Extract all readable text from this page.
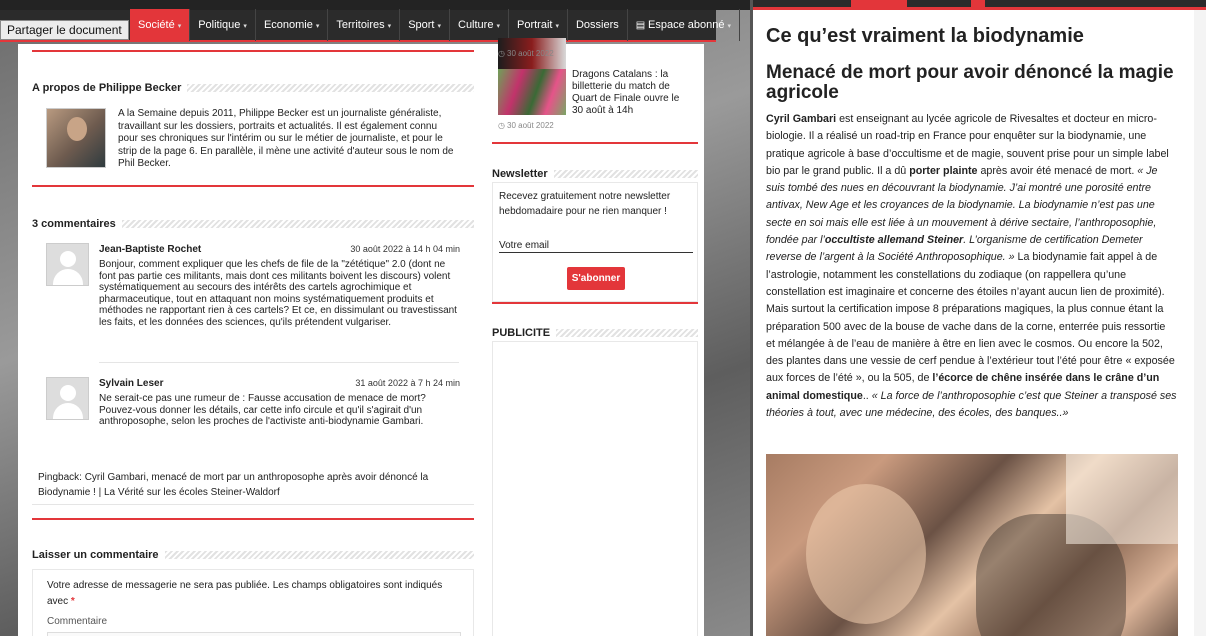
Société ▾	Politique ▾	Economie ▾	Territoires ▾	Sport ▾	Culture ▾	Portrait ▾	Dossiers	▤ Espace abonné ▾
Partager le document
A propos de Philippe Becker
A la Semaine depuis 2011, Philippe Becker est un journaliste généraliste, travaillant sur les dossiers, portraits et actualités. Il est également connu pour ses chroniques sur l'intérim ou sur le métier de journaliste, et pour le strip de la page 6. En parallèle, il mène une activité d'auteur sous le nom de Phil Becker.
3 commentaires
Jean-Baptiste Rochet	30 août 2022 à 14 h 04 min
Bonjour, comment expliquer que les chefs de file de la "zététique" 2.0 (dont ne font pas partie ces militants, mais dont ces militants boivent les discours) volent systématiquement au secours des intérêts des cartels agrochimique et pharmaceutique, tout en attaquant non moins systématiquement produits et méthodes ne rapportant rien à ces cartels? Et ce, en dissimulant ou travestissant les faits, et les données des sciences, qu'ils prétendent vulgariser.
Sylvain Leser	31 août 2022 à 7 h 24 min
Ne serait-ce pas une rumeur de : Fausse accusation de menace de mort? Pouvez-vous donner les détails, car cette info circule et qu'il s'agirait d'un anthroposophe, selon les proches de l'activiste anti-biodynamie Gambari.
Pingback: Cyril Gambari, menacé de mort par un anthroposophe après avoir dénoncé la Biodynamie ! | La Vérité sur les écoles Steiner-Waldorf
Laisser un commentaire
Votre adresse de messagerie ne sera pas publiée. Les champs obligatoires sont indiqués avec *
Commentaire
◷ 30 août 2022
Dragons Catalans : la billetterie du match de Quart de Finale ouvre le 30 août à 14h
◷ 30 août 2022
Newsletter
Recevez gratuitement notre newsletter hebdomadaire pour ne rien manquer !
Votre email
S'abonner
PUBLICITE
Ce qu’est vraiment la biodynamie
Menacé de mort pour avoir dénoncé la magie agricole
Cyril Gambari est enseignant au lycée agricole de Rivesaltes et docteur en micro-biologie. Il a réalisé un road-trip en France pour enquêter sur la biodynamie, une pratique agricole à base d’occultisme et de magie, souvent prise pour un simple label bio par le grand public. Il a dû porter plainte après avoir été menacé de mort. « Je suis tombé des nues en découvrant la biodynamie. J’ai montré une porosité entre antivax, New Age et les croyances de la biodynamie. La biodynamie n’est pas une secte en soi mais elle est liée à un mouvement à dérive sectaire, l’anthroposophie, fondée par l’occultiste allemand Steiner. L’organisme de certification Demeter reverse de l’argent à la Société Anthroposophique. » La biodynamie fait appel à de l’astrologie, notamment les constellations du zodiaque (on rappellera qu’une constellation est imaginaire et concerne des étoiles n’ayant aucun lien de proximité). Mais surtout la certification impose 8 préparations magiques, la plus connue étant la préparation 500 avec de la bouse de vache dans de la corne, enterrée puis ressortie et mélangée à de l’eau de manière à être en lien avec le cosmos. Ou encore la 502, des plantes dans une vessie de cerf pendue à l’extérieur tout l’été pour être « exposée aux forces de l’été », ou la 505, de l’écorce de chêne insérée dans le crâne d’un animal domestique.. « La force de l’anthroposophie c’est que Steiner a transposé ses théories à tout, avec une médecine, des écoles, des banques..»
